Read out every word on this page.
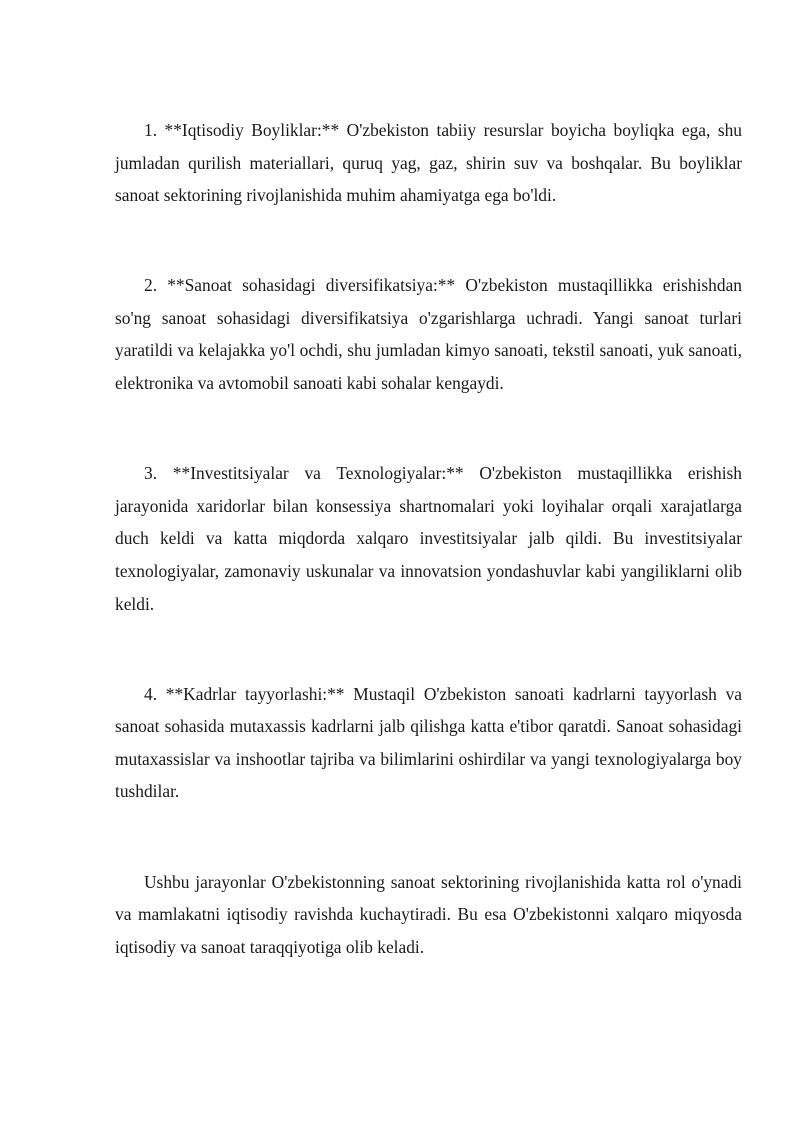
1. **Iqtisodiy Boyliklar:** O'zbekiston tabiiy resurslar boyicha boyliqka ega, shu jumladan qurilish materiallari, quruq yag, gaz, shirin suv va boshqalar. Bu boyliklar sanoat sektorining rivojlanishida muhim ahamiyatga ega bo'ldi.

2. **Sanoat sohasidagi diversifikatsiya:** O'zbekiston mustaqillikka erishishdan so'ng sanoat sohasidagi diversifikatsiya o'zgarishlarga uchradi. Yangi sanoat turlari yaratildi va kelajakka yo'l ochdi, shu jumladan kimyo sanoati, tekstil sanoati, yuk sanoati, elektronika va avtomobil sanoati kabi sohalar kengaydi.

3. **Investitsiyalar va Texnologiyalar:** O'zbekiston mustaqillikka erishish jarayonida xaridorlar bilan konsessiya shartnomalari yoki loyihalar orqali xarajatlarga duch keldi va katta miqdorda xalqaro investitsiyalar jalb qildi. Bu investitsiyalar texnologiyalar, zamonaviy uskunalar va innovatsion yondashuvlar kabi yangiliklarni olib keldi.

4. **Kadrlar tayyorlashi:** Mustaqil O'zbekiston sanoati kadrlarni tayyorlash va sanoat sohasida mutaxassis kadrlarni jalb qilishga katta e'tibor qaratdi. Sanoat sohasidagi mutaxassislar va inshootlar tajriba va bilimlarini oshirdilar va yangi texnologiyalarga boy tushdilar.

Ushbu jarayonlar O'zbekistonning sanoat sektorining rivojlanishida katta rol o'ynadi va mamlakatni iqtisodiy ravishda kuchaytiradi. Bu esa O'zbekistonni xalqaro miqyosda iqtisodiy va sanoat taraqqiyotiga olib keladi.
